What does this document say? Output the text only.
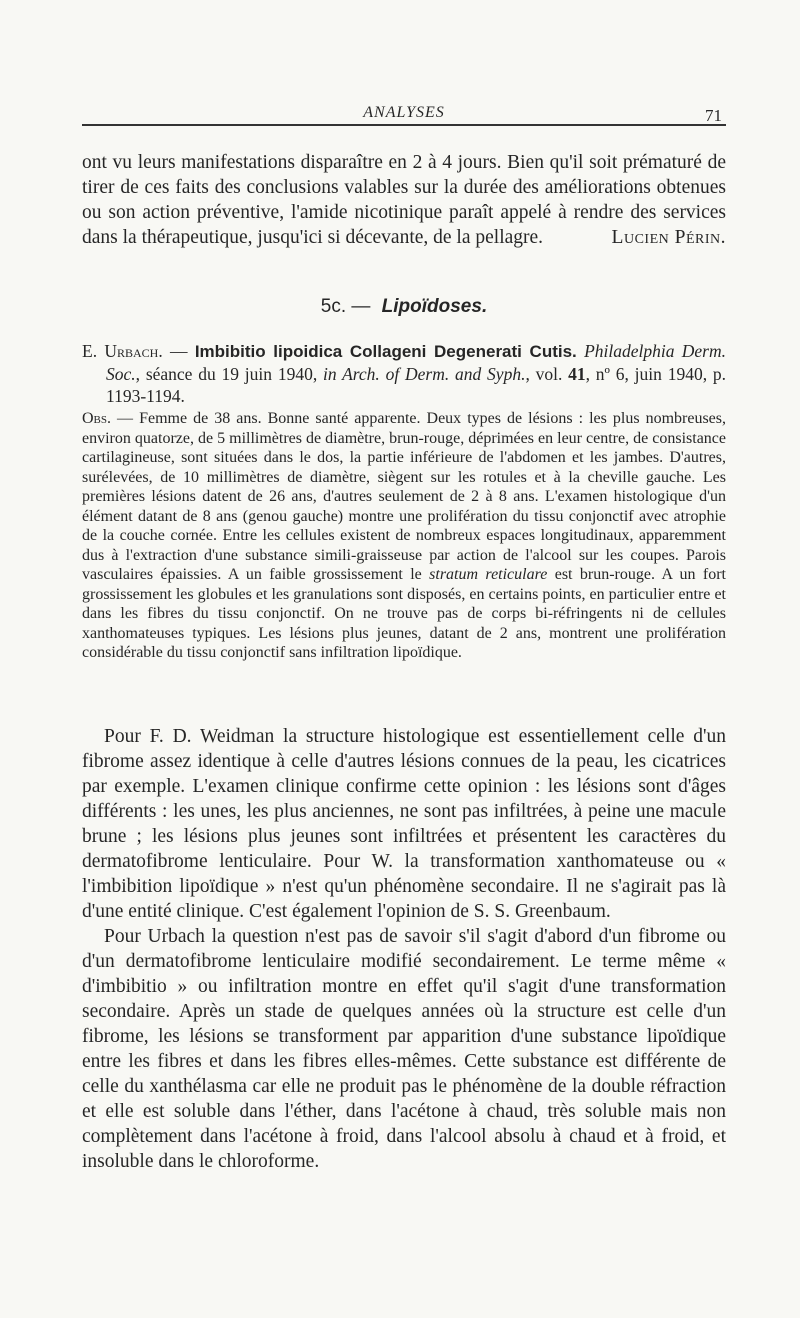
ANALYSES	71

ont vu leurs manifestations disparaître en 2 à 4 jours. Bien qu'il soit prématuré de tirer de ces faits des conclusions valables sur la durée des améliorations obtenues ou son action préventive, l'amide nicotinique paraît appelé à rendre des services dans la thérapeutique, jusqu'ici si décevante, de la pellagre.	Lucien Périn.

5c. — Lipoïdoses.

E. Urbach. — Imbibitio lipoidica Collageni Degenerati Cutis. Philadelphia Derm. Soc., séance du 19 juin 1940, in Arch. of Derm. and Syph., vol. 41, nº 6, juin 1940, p. 1193-1194.

Obs. — Femme de 38 ans. Bonne santé apparente. Deux types de lésions : les plus nombreuses, environ quatorze, de 5 millimètres de diamètre, brun-rouge, déprimées en leur centre, de consistance cartilagineuse, sont situées dans le dos, la partie inférieure de l'abdomen et les jambes. D'autres, surélevées, de 10 millimètres de diamètre, siègent sur les rotules et à la cheville gauche. Les premières lésions datent de 26 ans, d'autres seulement de 2 à 8 ans. L'examen histologique d'un élément datant de 8 ans (genou gauche) montre une prolifération du tissu conjonctif avec atrophie de la couche cornée. Entre les cellules existent de nombreux espaces longitudinaux, apparemment dus à l'extraction d'une substance simili-graisseuse par action de l'alcool sur les coupes. Parois vasculaires épaissies. A un faible grossissement le stratum reticulare est brun-rouge. A un fort grossissement les globules et les granulations sont disposés, en certains points, en particulier entre et dans les fibres du tissu conjonctif. On ne trouve pas de corps bi-réfringents ni de cellules xanthomateuses typiques. Les lésions plus jeunes, datant de 2 ans, montrent une prolifération considérable du tissu conjonctif sans infiltration lipoïdique.

Pour F. D. Weidman la structure histologique est essentiellement celle d'un fibrome assez identique à celle d'autres lésions connues de la peau, les cicatrices par exemple. L'examen clinique confirme cette opinion : les lésions sont d'âges différents : les unes, les plus anciennes, ne sont pas infiltrées, à peine une macule brune ; les lésions plus jeunes sont infiltrées et présentent les caractères du dermatofibrome lenticulaire. Pour W. la transformation xanthomateuse ou « l'imbibition lipoïdique » n'est qu'un phénomène secondaire. Il ne s'agirait pas là d'une entité clinique. C'est également l'opinion de S. S. Greenbaum.

Pour Urbach la question n'est pas de savoir s'il s'agit d'abord d'un fibrome ou d'un dermatofibrome lenticulaire modifié secondairement. Le terme même « d'imbibitio » ou infiltration montre en effet qu'il s'agit d'une transformation secondaire. Après un stade de quelques années où la structure est celle d'un fibrome, les lésions se transforment par apparition d'une substance lipoïdique entre les fibres et dans les fibres elles-mêmes. Cette substance est différente de celle du xanthélasma car elle ne produit pas le phénomène de la double réfraction et elle est soluble dans l'éther, dans l'acétone à chaud, très soluble mais non complètement dans l'acétone à froid, dans l'alcool absolu à chaud et à froid, et insoluble dans le chloroforme.
